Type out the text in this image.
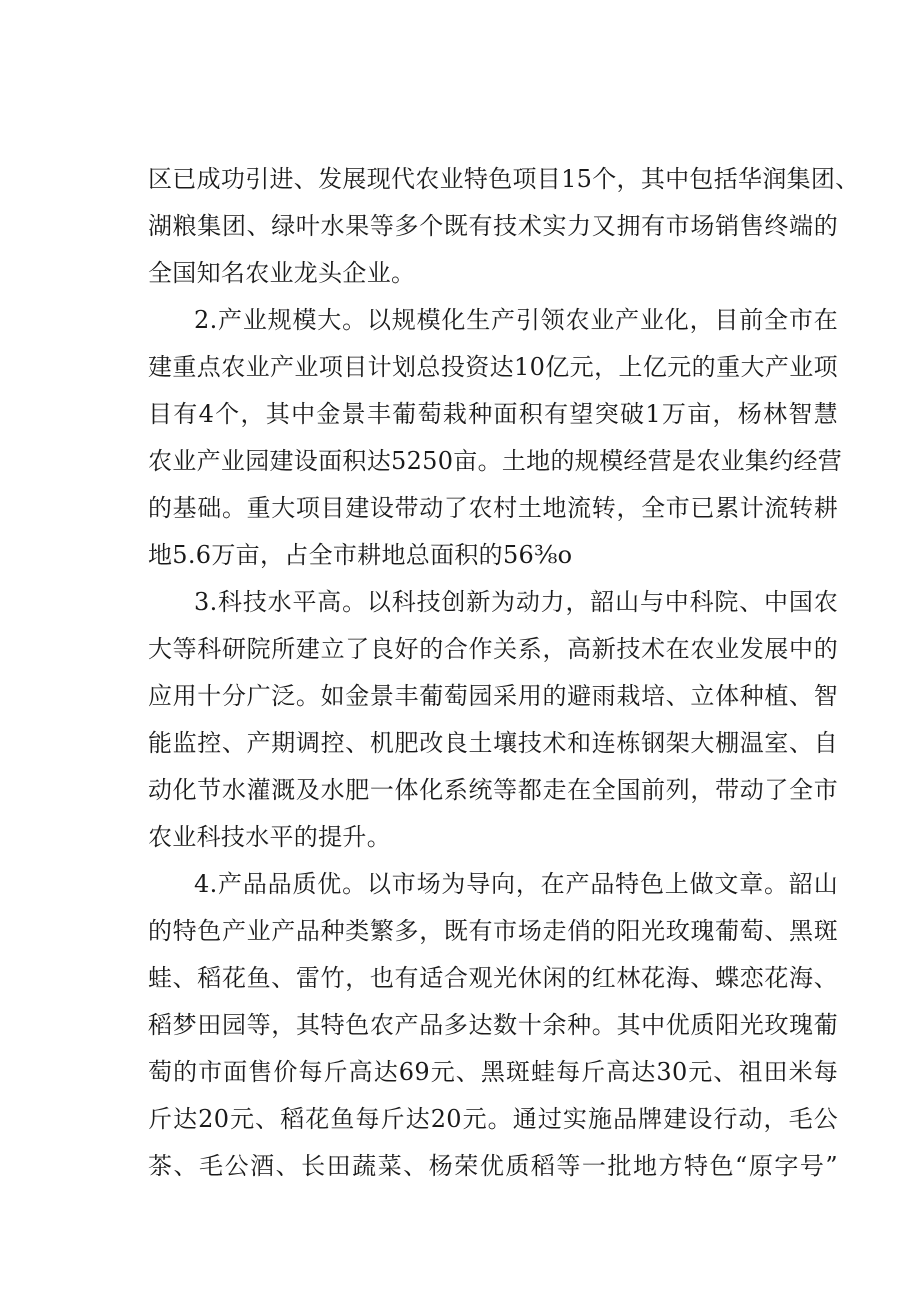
区已成功引进、发展现代农业特色项目15个，其中包括华润集团、
湖粮集团、绿叶水果等多个既有技术实力又拥有市场销售终端的
全国知名农业龙头企业。
2.产业规模大。以规模化生产引领农业产业化，目前全市在
建重点农业产业项目计划总投资达10亿元，上亿元的重大产业项
目有4个，其中金景丰葡萄栽种面积有望突破1万亩，杨林智慧
农业产业园建设面积达5250亩。土地的规模经营是农业集约经营
的基础。重大项目建设带动了农村土地流转，全市已累计流转耕
地5.6万亩，占全市耕地总面积的56⅜o
3.科技水平高。以科技创新为动力，韶山与中科院、中国农
大等科研院所建立了良好的合作关系，高新技术在农业发展中的
应用十分广泛。如金景丰葡萄园采用的避雨栽培、立体种植、智
能监控、产期调控、机肥改良土壤技术和连栋钢架大棚温室、自
动化节水灌溉及水肥一体化系统等都走在全国前列，带动了全市
农业科技水平的提升。
4.产品品质优。以市场为导向，在产品特色上做文章。韶山
的特色产业产品种类繁多，既有市场走俏的阳光玫瑰葡萄、黑斑
蛙、稻花鱼、雷竹，也有适合观光休闲的红林花海、蝶恋花海、
稻梦田园等，其特色农产品多达数十余种。其中优质阳光玫瑰葡
萄的市面售价每斤高达69元、黑斑蛙每斤高达30元、祖田米每
斤达20元、稻花鱼每斤达20元。通过实施品牌建设行动，毛公
茶、毛公酒、长田蔬菜、杨荣优质稻等一批地方特色“原字号”
